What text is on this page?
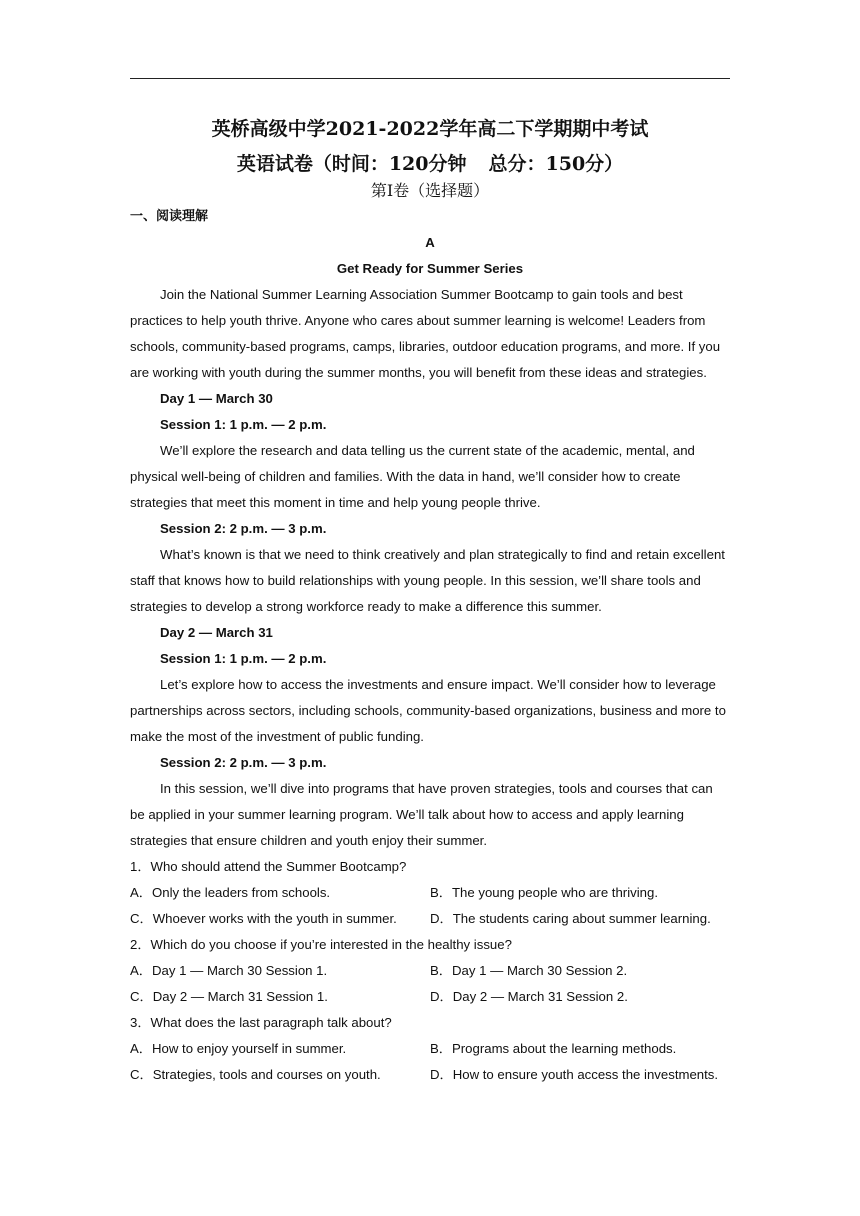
英桥高级中学2021-2022学年高二下学期期中考试
英语试卷（时间：120分钟 总分：150分）
第Ⅰ卷（选择题）
一、阅读理解

A

Get Ready for Summer Series

Join the National Summer Learning Association Summer Bootcamp to gain tools and best practices to help youth thrive. Anyone who cares about summer learning is welcome! Leaders from schools, community-based programs, camps, libraries, outdoor education programs, and more. If you are working with youth during the summer months, you will benefit from these ideas and strategies.

Day 1 — March 30

Session 1: 1 p.m. — 2 p.m.

We’ll explore the research and data telling us the current state of the academic, mental, and physical well-being of children and families. With the data in hand, we’ll consider how to create strategies that meet this moment in time and help young people thrive.

Session 2: 2 p.m. — 3 p.m.

What’s known is that we need to think creatively and plan strategically to find and retain excellent staff that knows how to build relationships with young people. In this session, we’ll share tools and strategies to develop a strong workforce ready to make a difference this summer.

Day 2 — March 31

Session 1: 1 p.m. — 2 p.m.

Let’s explore how to access the investments and ensure impact. We’ll consider how to leverage partnerships across sectors, including schools, community-based organizations, business and more to make the most of the investment of public funding.

Session 2: 2 p.m. — 3 p.m.

In this session, we’ll dive into programs that have proven strategies, tools and courses that can be applied in your summer learning program. We’ll talk about how to access and apply learning strategies that ensure children and youth enjoy their summer.

1．Who should attend the Summer Bootcamp?

A．Only the leaders from schools.	B．The young people who are thriving.
C．Whoever works with the youth in summer.	D．The students caring about summer learning.

2．Which do you choose if you’re interested in the healthy issue?

A．Day 1 — March 30 Session 1.	B．Day 1 — March 30 Session 2.
C．Day 2 — March 31 Session 1.	D．Day 2 — March 31 Session 2.

3．What does the last paragraph talk about?

A．How to enjoy yourself in summer.	B．Programs about the learning methods.
C．Strategies, tools and courses on youth.	D．How to ensure youth access the investments.
